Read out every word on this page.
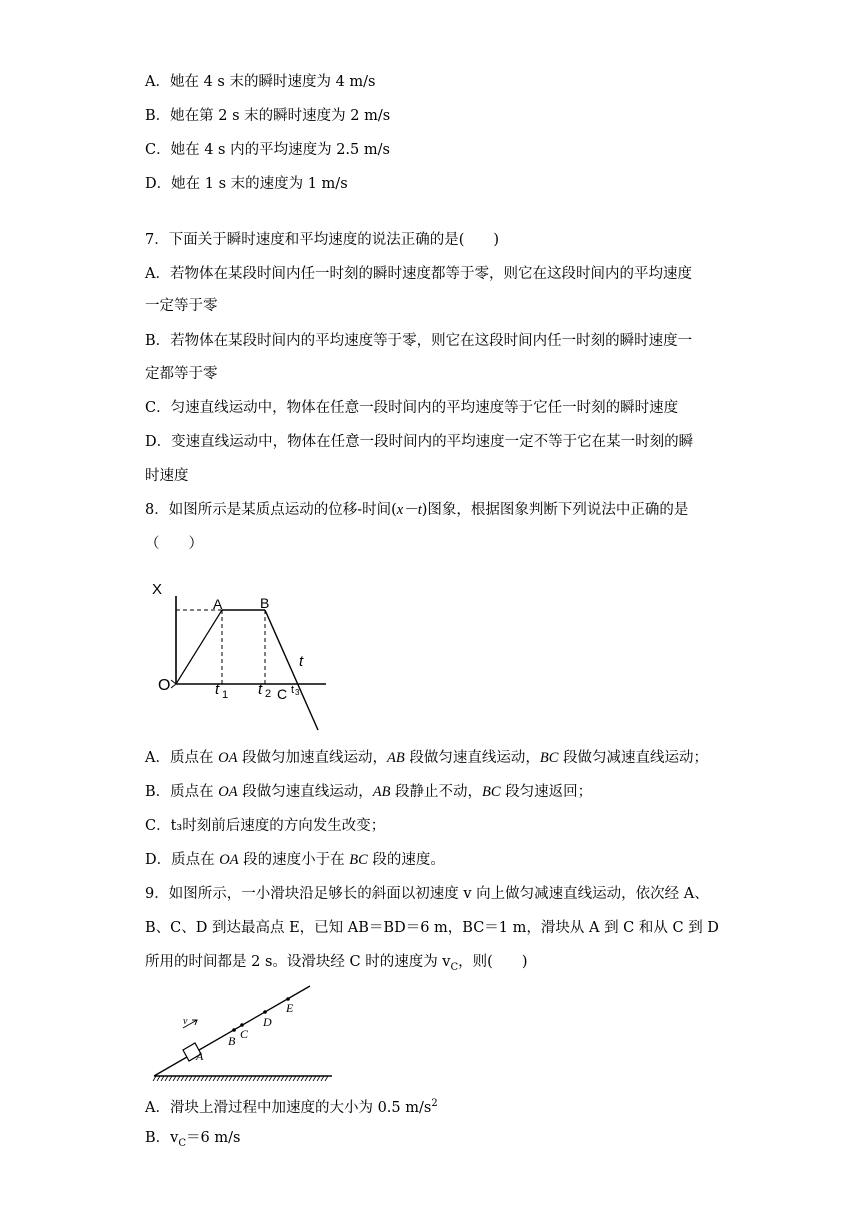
A．她在 4 s 末的瞬时速度为 4 m/s
B．她在第 2 s 末的瞬时速度为 2 m/s
C．她在 4 s 内的平均速度为 2.5 m/s
D．她在 1 s 末的速度为 1 m/s
7．下面关于瞬时速度和平均速度的说法正确的是(　　)
A．若物体在某段时间内任一时刻的瞬时速度都等于零，则它在这段时间内的平均速度
一定等于零
B．若物体在某段时间内的平均速度等于零，则它在这段时间内任一时刻的瞬时速度一
定都等于零
C．匀速直线运动中，物体在任意一段时间内的平均速度等于它任一时刻的瞬时速度
D．变速直线运动中，物体在任意一段时间内的平均速度一定不等于它在某一时刻的瞬
时速度
8．如图所示是某质点运动的位移-时间(x－t)图象，根据图象判断下列说法中正确的是
（　　）
X
O
t
A	B
t 1 t 2 C t 3
A．质点在 OA 段做匀加速直线运动，AB 段做匀速直线运动，BC 段做匀减速直线运动；
B．质点在 OA 段做匀速直线运动，AB 段静止不动，BC 段匀速返回；
C．t₃时刻前后速度的方向发生改变；
D．质点在 OA 段的速度小于在 BC 段的速度。
9．如图所示，一小滑块沿足够长的斜面以初速度 v 向上做匀减速直线运动，依次经 A、
B、C、D 到达最高点 E，已知 AB＝BD＝6 m，BC＝1 m，滑块从 A 到 C 和从 C 到 D
所用的时间都是 2 s。设滑块经 C 时的速度为 $v_C$，则(　　)
v
A
B C
D
E
A．滑块上滑过程中加速度的大小为 0.5 $m/s^2$
B．$v_C=6$ m/s
